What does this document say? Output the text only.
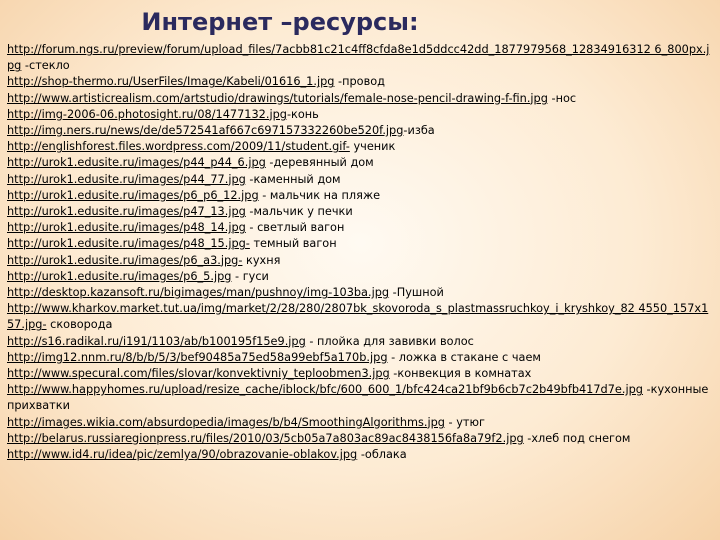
Интернет –ресурсы:

http://forum.ngs.ru/preview/forum/upload_files/7acbb81c21c4ff8cfda8e1d5ddcc42dd_1877979568_12834916312 6_800px.jpg -стекло

http://shop-thermo.ru/UserFiles/Image/Kabeli/01616_1.jpg -провод

http://www.artisticrealism.com/artstudio/drawings/tutorials/female-nose-pencil-drawing-f-fin.jpg -нос

http://img-2006-06.photosight.ru/08/1477132.jpg-конь

http://img.ners.ru/news/de/de572541af667c697157332260be520f.jpg-изба

http://englishforest.files.wordpress.com/2009/11/student.gif- ученик

http://urok1.edusite.ru/images/p44_p44_6.jpg -деревянный дом

http://urok1.edusite.ru/images/p44_77.jpg -каменный дом

http://urok1.edusite.ru/images/p6_p6_12.jpg - мальчик на пляже

http://urok1.edusite.ru/images/p47_13.jpg -мальчик у печки

http://urok1.edusite.ru/images/p48_14.jpg - светлый вагон

http://urok1.edusite.ru/images/p48_15.jpg- темный вагон

http://urok1.edusite.ru/images/p6_a3.jpg- кухня

http://urok1.edusite.ru/images/p6_5.jpg - гуси

http://desktop.kazansoft.ru/bigimages/man/pushnoy/img-103ba.jpg -Пушной

http://www.kharkov.market.tut.ua/img/market/2/28/280/2807bk_skovoroda_s_plastmassruchkoy_i_kryshkoy_82 4550_157x157.jpg- сковорода

http://s16.radikal.ru/i191/1103/ab/b100195f15e9.jpg - плойка для завивки волос

http://img12.nnm.ru/8/b/b/5/3/bef90485a75ed58a99ebf5a170b.jpg - ложка в стакане с чаем

http://www.specural.com/files/slovar/konvektivniy_teploobmen3.jpg -конвекция в комнатах

http://www.happyhomes.ru/upload/resize_cache/iblock/bfc/600_600_1/bfc424ca21bf9b6cb7c2b49bfb417d7e.jpg -кухонные прихватки

http://images.wikia.com/absurdopedia/images/b/b4/SmoothingAlgorithms.jpg - утюг

http://belarus.russiaregionpress.ru/files/2010/03/5cb05a7a803ac89ac8438156fa8a79f2.jpg -хлеб под снегом

http://www.id4.ru/idea/pic/zemlya/90/obrazovanie-oblakov.jpg -облака
